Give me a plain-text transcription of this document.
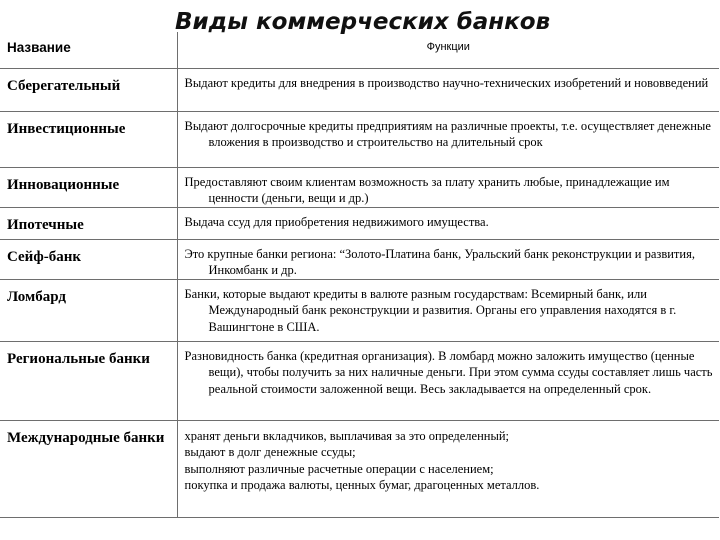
Виды коммерческих банков
Название	Функции

Сберегательный	Выдают кредиты для внедрения в производство научно-технических изобретений и нововведений

Инвестиционные	Выдают долгосрочные кредиты предприятиям на различные проекты, т.е. осуществляет денежные вложения в производство и строительство на длительный срок

Инновационные	Предоставляют своим клиентам возможность за плату хранить любые, принадлежащие им ценности (деньги, вещи и др.)

Ипотечные	Выдача ссуд для приобретения недвижимого имущества.

Сейф-банк	Это крупные банки региона: “Золото-Платина банк, Уральский банк реконструкции и развития, Инкомбанк и др.

Ломбард	Банки, которые выдают кредиты в валюте разным государствам: Всемирный банк, или Международный банк реконструкции и развития. Органы его управления находятся в г. Вашингтоне в США.

Региональные банки	Разновидность банка (кредитная организация). В ломбард можно заложить имущество (ценные вещи), чтобы получить за них наличные деньги. При этом сумма ссуды составляет лишь часть реальной стоимости заложенной вещи. Весь закладывается на определенный срок.

Международные банки	хранят деньги вкладчиков, выплачивая за это определенный;
выдают в долг денежные ссуды;
выполняют различные расчетные операции с населением;
покупка и продажа валюты, ценных бумаг, драгоценных металлов.
